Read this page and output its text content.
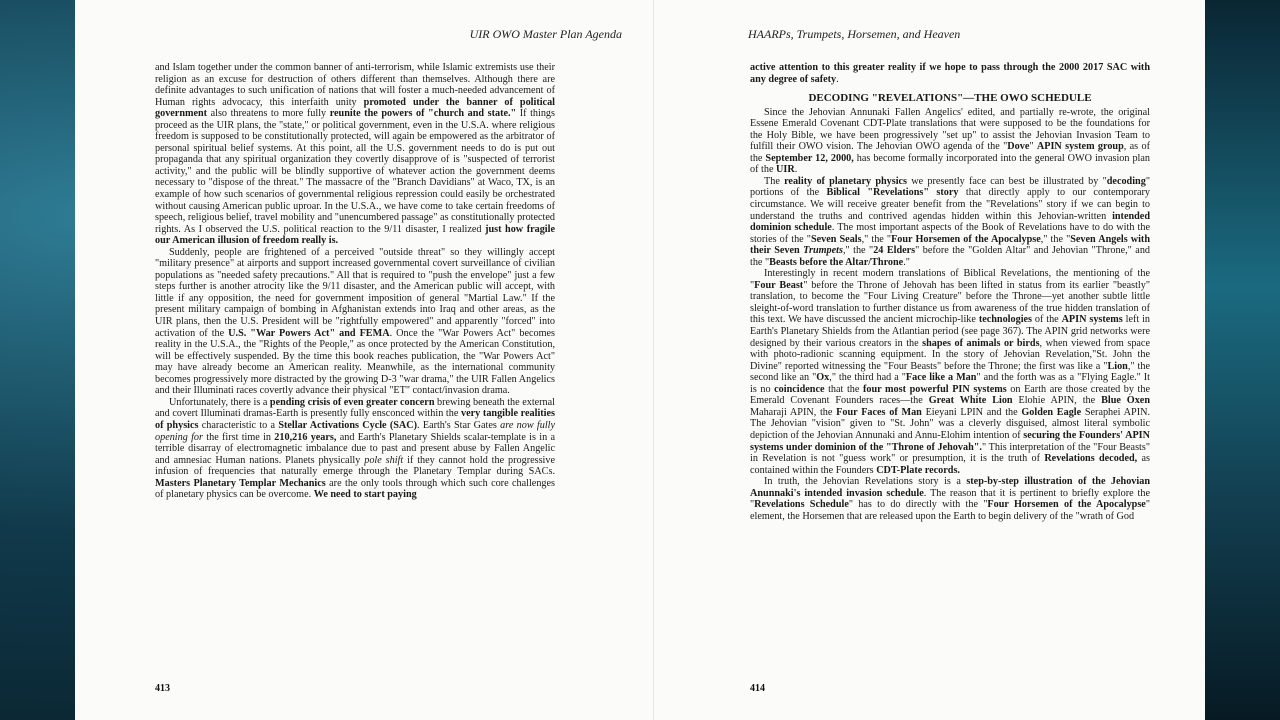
UIR OWO Master Plan Agenda

and Islam together under the common banner of anti-terrorism, while Islamic extremists use their religion as an excuse for destruction of others different than themselves. Although there are definite advantages to such unification of nations that will foster a much-needed advancement of Human rights advocacy, this interfaith unity promoted under the banner of political government also threatens to more fully reunite the powers of "church and state." If things proceed as the UIR plans, the "state," or political government, even in the U.S.A. where religious freedom is supposed to be constitutionally protected, will again be empowered as the arbitrator of personal spiritual belief systems. At this point, all the U.S. government needs to do is put out propaganda that any spiritual organization they covertly disapprove of is "suspected of terrorist activity," and the public will be blindly supportive of whatever action the government deems necessary to "dispose of the threat." The massacre of the "Branch Davidians" at Waco, TX, is an example of how such scenarios of governmental religious repression could easily be orchestrated without causing American public uproar. In the U.S.A., we have come to take certain freedoms of speech, religious belief, travel mobility and "unencumbered passage" as constitutionally protected rights. As I observed the U.S. political reaction to the 9/11 disaster, I realized just how fragile our American illusion of freedom really is.

Suddenly, people are frightened of a perceived "outside threat" so they willingly accept "military presence" at airports and support increased governmental covert surveillance of civilian populations as "needed safety precautions." All that is required to "push the envelope" just a few steps further is another atrocity like the 9/11 disaster, and the American public will accept, with little if any opposition, the need for government imposition of general "Martial Law." If the present military campaign of bombing in Afghanistan extends into Iraq and other areas, as the UIR plans, then the U.S. President will be "rightfully empowered" and apparently "forced" into activation of the U.S. "War Powers Act" and FEMA. Once the "War Powers Act" becomes reality in the U.S.A., the "Rights of the People," as once protected by the American Constitution, will be effectively suspended. By the time this book reaches publication, the "War Powers Act" may have already become an American reality. Meanwhile, as the international community becomes progressively more distracted by the growing D-3 "war drama," the UIR Fallen Angelics and their Illuminati races covertly advance their physical "ET" contact/invasion drama.

Unfortunately, there is a pending crisis of even greater concern brewing beneath the external and covert Illuminati dramas-Earth is presently fully ensconced within the very tangible realities of physics characteristic to a Stellar Activations Cycle (SAC). Earth's Star Gates are now fully opening for the first time in 210,216 years, and Earth's Planetary Shields scalar-template is in a terrible disarray of electromagnetic imbalance due to past and present abuse by Fallen Angelic and amnesiac Human nations. Planets physically pole shift if they cannot hold the progressive infusion of frequencies that naturally emerge through the Planetary Templar during SACs. Masters Planetary Templar Mechanics are the only tools through which such core challenges of planetary physics can be overcome. We need to start paying

413
HAARPs, Trumpets, Horsemen, and Heaven

active attention to this greater reality if we hope to pass through the 2000 2017 SAC with any degree of safety.

DECODING "REVELATIONS"—THE OWO SCHEDULE

Since the Jehovian Annunaki Fallen Angelics' edited, and partially re-wrote, the original Essene Emerald Covenant CDT-Plate translations that were supposed to be the foundations for the Holy Bible, we have been progressively "set up" to assist the Jehovian Invasion Team to fulfill their OWO vision. The Jehovian OWO agenda of the "Dove" APIN system group, as of the September 12, 2000, has become formally incorporated into the general OWO invasion plan of the UIR.

The reality of planetary physics we presently face can best be illustrated by "decoding" portions of the Biblical "Revelations" story that directly apply to our contemporary circumstance. We will receive greater benefit from the "Revelations" story if we can begin to understand the truths and contrived agendas hidden within this Jehovian-written intended dominion schedule. The most important aspects of the Book of Revelations have to do with the stories of the "Seven Seals," the "Four Horsemen of the Apocalypse," the "Seven Angels with their Seven Trumpets," the "24 Elders" before the "Golden Altar" and Jehovian "Throne," and the "Beasts before the Altar/Throne."

Interestingly in recent modern translations of Biblical Revelations, the mentioning of the "Four Beast" before the Throne of Jehovah has been lifted in status from its earlier "beastly" translation, to become the "Four Living Creature" before the Throne—yet another subtle little sleight-of-word translation to further distance us from awareness of the true hidden translation of this text. We have discussed the ancient microchip-like technologies of the APIN systems left in Earth's Planetary Shields from the Atlantian period (see page 367). The APIN grid networks were designed by their various creators in the shapes of animals or birds, when viewed from space with photo-radionic scanning equipment. In the story of Jehovian Revelation,"St. John the Divine" reported witnessing the "Four Beasts" before the Throne; the first was like a "Lion," the second like an "Ox," the third had a "Face like a Man" and the forth was as a "Flying Eagle." It is no coincidence that the four most powerful PIN systems on Earth are those created by the Emerald Covenant Founders races—the Great White Lion Elohie APIN, the Blue Oxen Maharaji APIN, the Four Faces of Man Eieyani LPIN and the Golden Eagle Seraphei APIN. The Jehovian "vision" given to "St. John" was a cleverly disguised, almost literal symbolic depiction of the Jehovian Annunaki and Annu-Elohim intention of securing the Founders' APIN systems under dominion of the "Throne of Jehovah"." This interpretation of the "Four Beasts" in Revelation is not "guess work" or presumption, it is the truth of Revelations decoded, as contained within the Founders CDT-Plate records.

In truth, the Jehovian Revelations story is a step-by-step illustration of the Jehovian Anunnaki's intended invasion schedule. The reason that it is pertinent to briefly explore the "Revelations Schedule" has to do directly with the "Four Horsemen of the Apocalypse" element, the Horsemen that are released upon the Earth to begin delivery of the "wrath of God

414
